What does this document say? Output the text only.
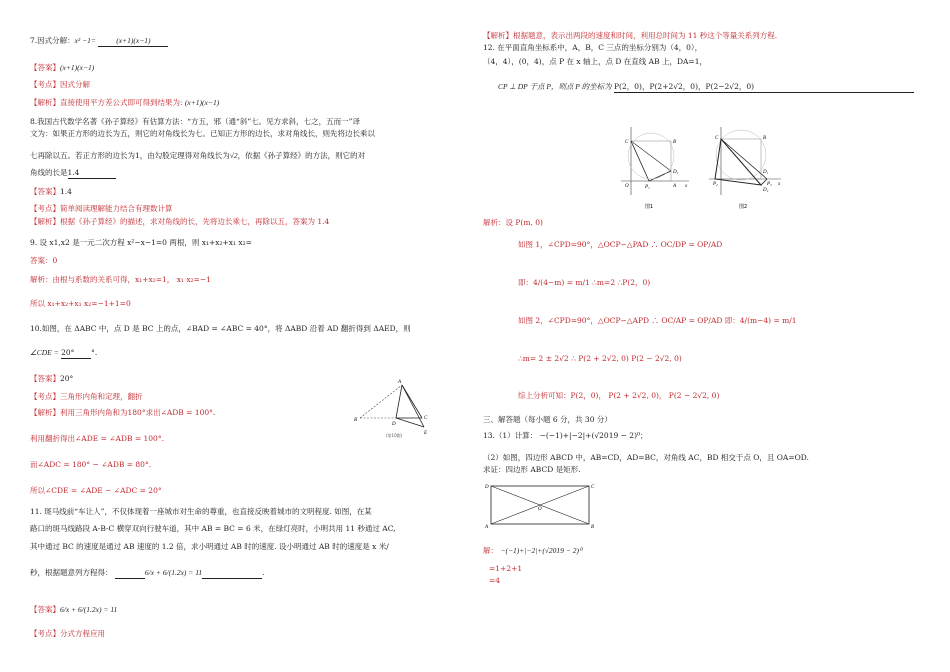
7.因式分解：x² −1=	(x+1)(x−1)
【答案】(x+1)(x−1)
【考点】因式分解
【解析】直接使用平方差公式即可得到结果为: (x+1)(x−1)
8.我国古代数学名著《孙子算经》有估算方法：“方五，邪（通“斜”七。见方求斜，七之，五而一”译
文为：如果正方形的边长为五，则它的对角线长为七。已知正方形的边长，求对角线长，则先将边长乘以
七再除以五。若正方形的边长为1，由勾股定理得对角线长为√2，依据《孙子算经》的方法，则它的对
角线的长是1.4
【答案】1.4
【考点】简单阅读理解能力结合有理数计算
【解析】根据《孙子算经》的描述，求对角线的长，先将边长乘七，再除以五，答案为 1.4
9. 设 x1,x2 是一元二次方程 x²−x−1=0 两根，则 x₁+x₂+x₁ x₂=
答案：0
解析：由根与系数的关系可得，x₁+x₂=1， x₁ x₂=−1
所以 x₁+x₂+x₁ x₂=−1+1=0
10.如图，在 ΔABC 中，点 D 是 BC 上的点，∠BAD = ∠ABC = 40°，将 ΔABD 沿着 AD 翻折得到 ΔAED，则
∠CDE = 20° °.
【答案】20°
【考点】三角形内角和定理，翻折
【解析】利用三角形内角和为180°求出∠ADB = 100°.
利用翻折得出∠ADE = ∠ADB = 100°.
而∠ADC = 180° − ∠ADB = 80°.
所以∠CDE = ∠ADE − ∠ADC = 20°
A
B	C
D
E
(第10题)
11. 斑马线前“车让人”，不仅体现着一座城市对生命的尊重，也直接反映着城市的文明程度. 如图，在某
路口的斑马线路段 A-B-C 横穿双向行驶车道，其中 AB = BC = 6 米，在绿灯亮时，小明共用 11 秒通过 AC,
其中通过 BC 的速度是通过 AB 速度的 1.2 倍，求小明通过 AB 时的速度. 设小明通过 AB 时的速度是 x 米/
秒，根据题意列方程得：	6/x + 6/(1.2x) = 11	.
【答案】6/x + 6/(1.2x) = 11
【考点】分式方程应用
【解析】根据题意，表示出两段的速度和时间，利用总时间为 11 秒这个等量关系列方程.
12. 在平面直角坐标系中，A，B，C 三点的坐标分别为（4，0），
（4，4），(0，4)，点 P 在 x 轴上，点 D 在直线 AB 上，DA=1，
CP ⊥ DP 于点 P，则点 P 的坐标为 P(2，0)，P(2+2√2，0)，P(2−2√2，0)
C	B
D₁
A
O	P₁	x
图1
C	B
D₁
D₂
P₂	P₃ x
图2
解析：设 P(m, 0)
如图 1，∠CPD=90°，△OCP∽△PAD ∴ OC/DP = OP/AD
即：4/(4−m) = m/1 ∴m=2 ∴P(2，0)
如图 2，∠CPD=90°，△OCP∽△APD ∴ OC/AP = OP/AD 即：4/(m−4) = m/1
∴m= 2 ± 2√2 ∴ P(2 + 2√2, 0) P(2 − 2√2, 0)
综上分析可知：P(2，0)， P(2 + 2√2, 0)， P(2 − 2√2, 0)
三、解答题（每小题 6 分，共 30 分）
13.（1）计算： −(−1)+|−2|+(√2019 − 2)⁰；
（2）如图，四边形 ABCD 中，AB=CD，AD=BC，对角线 AC，BD 相交于点 O，且 OA=OD.
求证：四边形 ABCD 是矩形.
D	C
A	B
O
解： −(−1)+|−2|+(√2019 − 2)⁰
=1+2+1
=4
